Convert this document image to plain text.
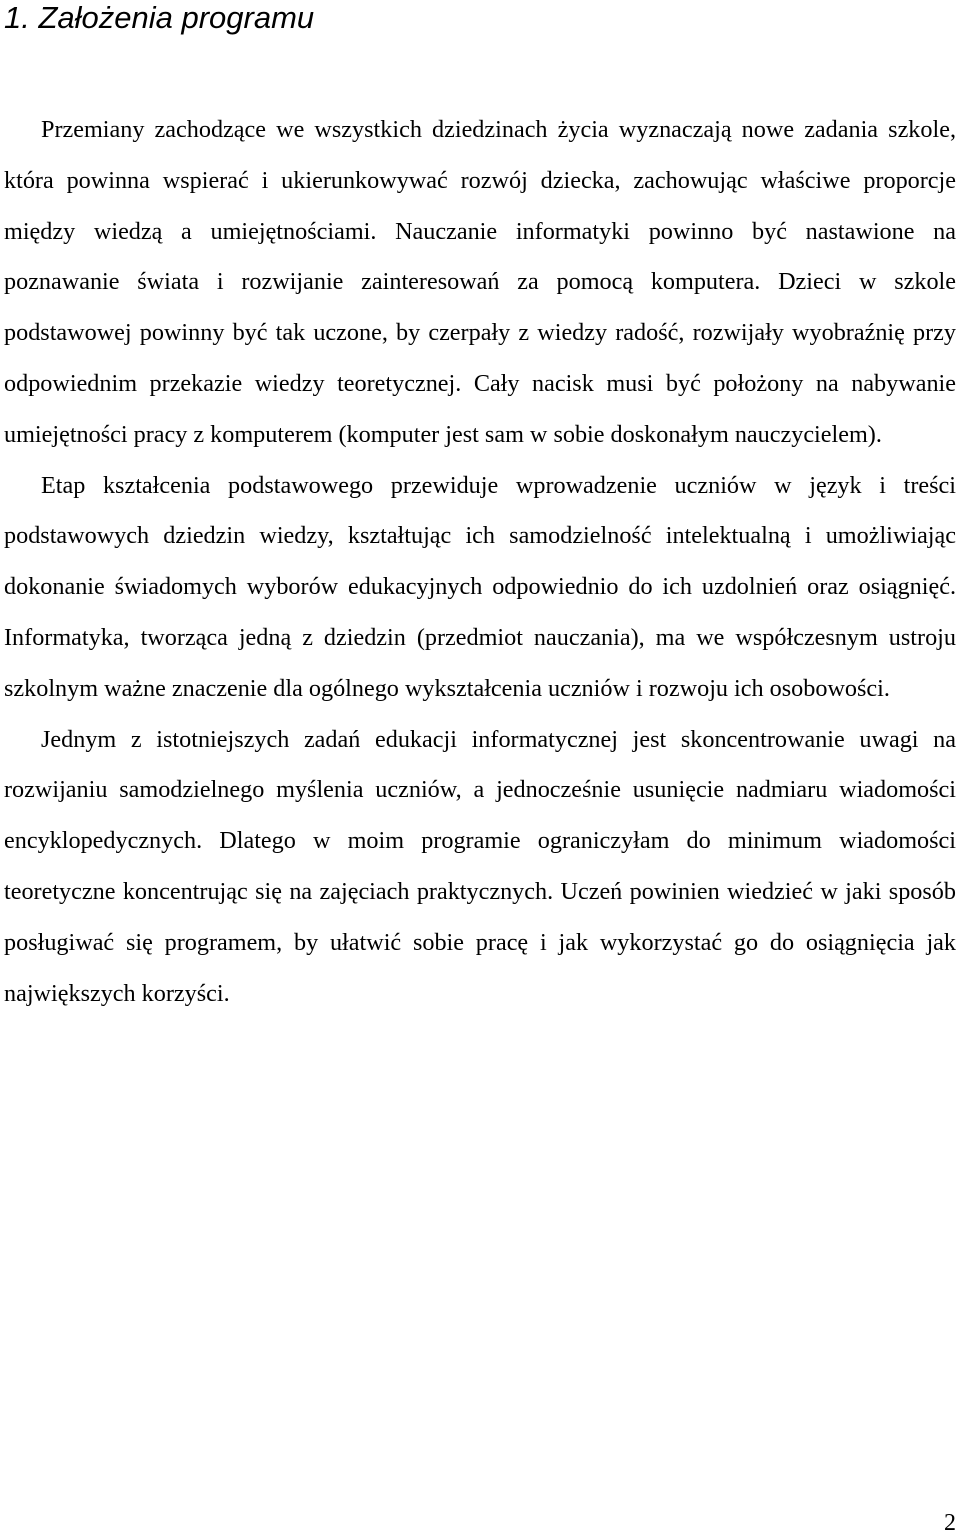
1. Założenia programu

Przemiany zachodzące we wszystkich dziedzinach życia wyznaczają nowe zadania szkole, która powinna wspierać i ukierunkowywać rozwój dziecka, zachowując właściwe proporcje między wiedzą a umiejętnościami. Nauczanie informatyki powinno być nastawione na poznawanie świata i rozwijanie zainteresowań za pomocą komputera. Dzieci w szkole podstawowej powinny być tak uczone, by czerpały z wiedzy radość, rozwijały wyobraźnię przy odpowiednim przekazie wiedzy teoretycznej. Cały nacisk musi być położony na nabywanie umiejętności pracy z komputerem (komputer jest sam w sobie doskonałym nauczycielem).

Etap kształcenia podstawowego przewiduje wprowadzenie uczniów w język i treści podstawowych dziedzin wiedzy, kształtując ich samodzielność intelektualną i umożliwiając dokonanie świadomych wyborów edukacyjnych odpowiednio do ich uzdolnień oraz osiągnięć. Informatyka, tworząca jedną z dziedzin (przedmiot nauczania), ma we współczesnym ustroju szkolnym ważne znaczenie dla ogólnego wykształcenia uczniów i rozwoju ich osobowości.

Jednym z istotniejszych zadań edukacji informatycznej jest skoncentrowanie uwagi na rozwijaniu samodzielnego myślenia uczniów, a jednocześnie usunięcie nadmiaru wiadomości encyklopedycznych. Dlatego w moim programie ograniczyłam do minimum wiadomości teoretyczne koncentrując się na zajęciach praktycznych. Uczeń powinien wiedzieć w jaki sposób posługiwać się programem, by ułatwić sobie pracę i jak wykorzystać go do osiągnięcia jak największych korzyści.

2
